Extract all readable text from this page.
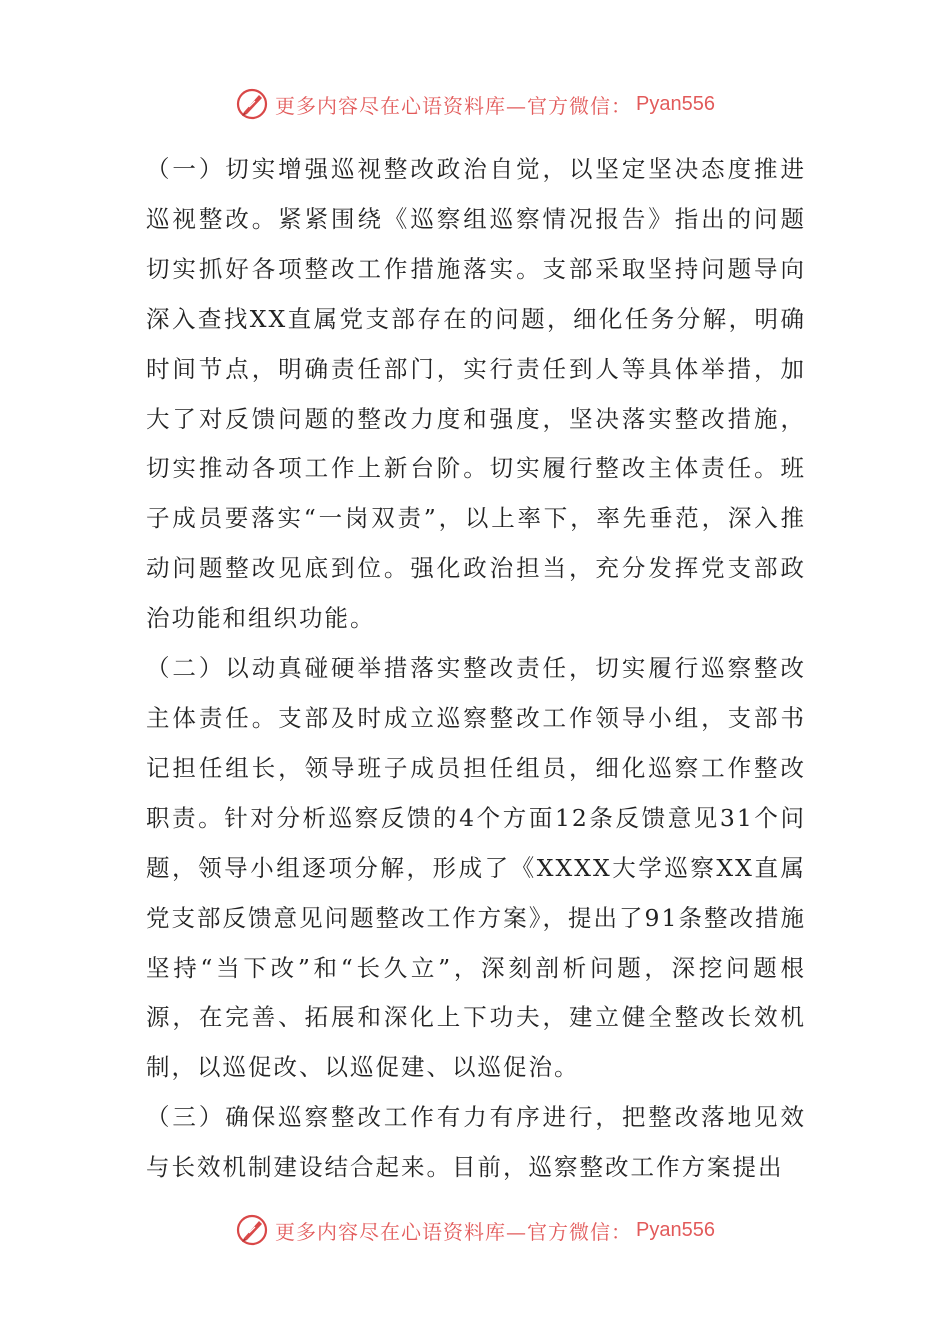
更多内容尽在心语资料库—官方微信： Pyan556

（一）切实增强巡视整改政治自觉，以坚定坚决态度推进巡视整改。紧紧围绕《巡察组巡察情况报告》指出的问题切实抓好各项整改工作措施落实。支部采取坚持问题导向深入查找XX直属党支部存在的问题，细化任务分解，明确时间节点，明确责任部门，实行责任到人等具体举措，加大了对反馈问题的整改力度和强度，坚决落实整改措施，切实推动各项工作上新台阶。切实履行整改主体责任。班子成员要落实“一岗双责”，以上率下，率先垂范，深入推动问题整改见底到位。强化政治担当，充分发挥党支部政治功能和组织功能。

（二）以动真碰硬举措落实整改责任，切实履行巡察整改主体责任。支部及时成立巡察整改工作领导小组，支部书记担任组长，领导班子成员担任组员，细化巡察工作整改职责。针对分析巡察反馈的4个方面12条反馈意见31个问题，领导小组逐项分解，形成了《XXXX大学巡察XX直属党支部反馈意见问题整改工作方案》，提出了91条整改措施坚持“当下改”和“长久立”，深刻剖析问题，深挖问题根源，在完善、拓展和深化上下功夫，建立健全整改长效机制，以巡促改、以巡促建、以巡促治。

（三）确保巡察整改工作有力有序进行，把整改落地见效与长效机制建设结合起来。目前，巡察整改工作方案提出

更多内容尽在心语资料库—官方微信： Pyan556
